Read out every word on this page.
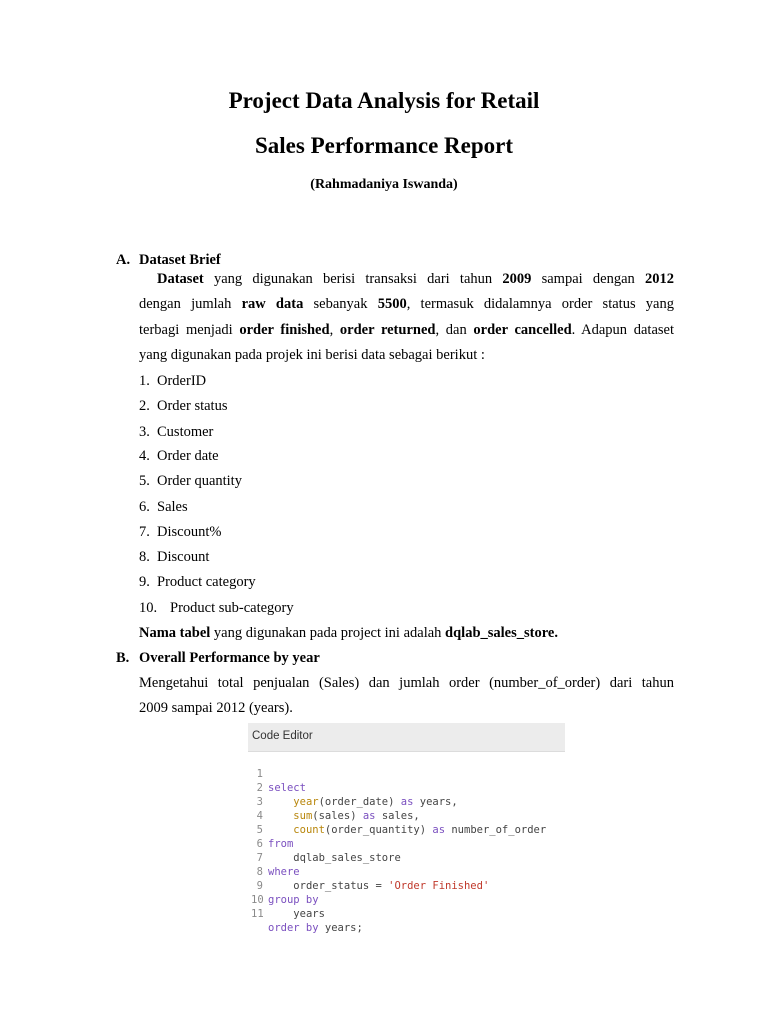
Project Data Analysis for Retail
Sales Performance Report
(Rahmadaniya Iswanda)
A. Dataset Brief
Dataset yang digunakan berisi transaksi dari tahun 2009 sampai dengan 2012
dengan jumlah raw data sebanyak 5500, termasuk didalamnya order status yang
terbagi menjadi order finished, order returned, dan order cancelled. Adapun dataset
yang digunakan pada projek ini berisi data sebagai berikut :
1. OrderID
2. Order status
3. Customer
4. Order date
5. Order quantity
6. Sales
7. Discount%
8. Discount
9. Product category
10. Product sub-category
Nama tabel yang digunakan pada project ini adalah dqlab_sales_store.
B. Overall Performance by year
Mengetahui total penjualan (Sales) dan jumlah order (number_of_order) dari tahun
2009 sampai 2012 (years).
Code Editor

1

select

2

year(order_date) as years,

3

sum(sales) as sales,

4

count(order_quantity) as number_of_order

5

from

6

dqlab_sales_store

7

where

8

order_status = 'Order Finished'

9

group by

10

years

11

order by years;
